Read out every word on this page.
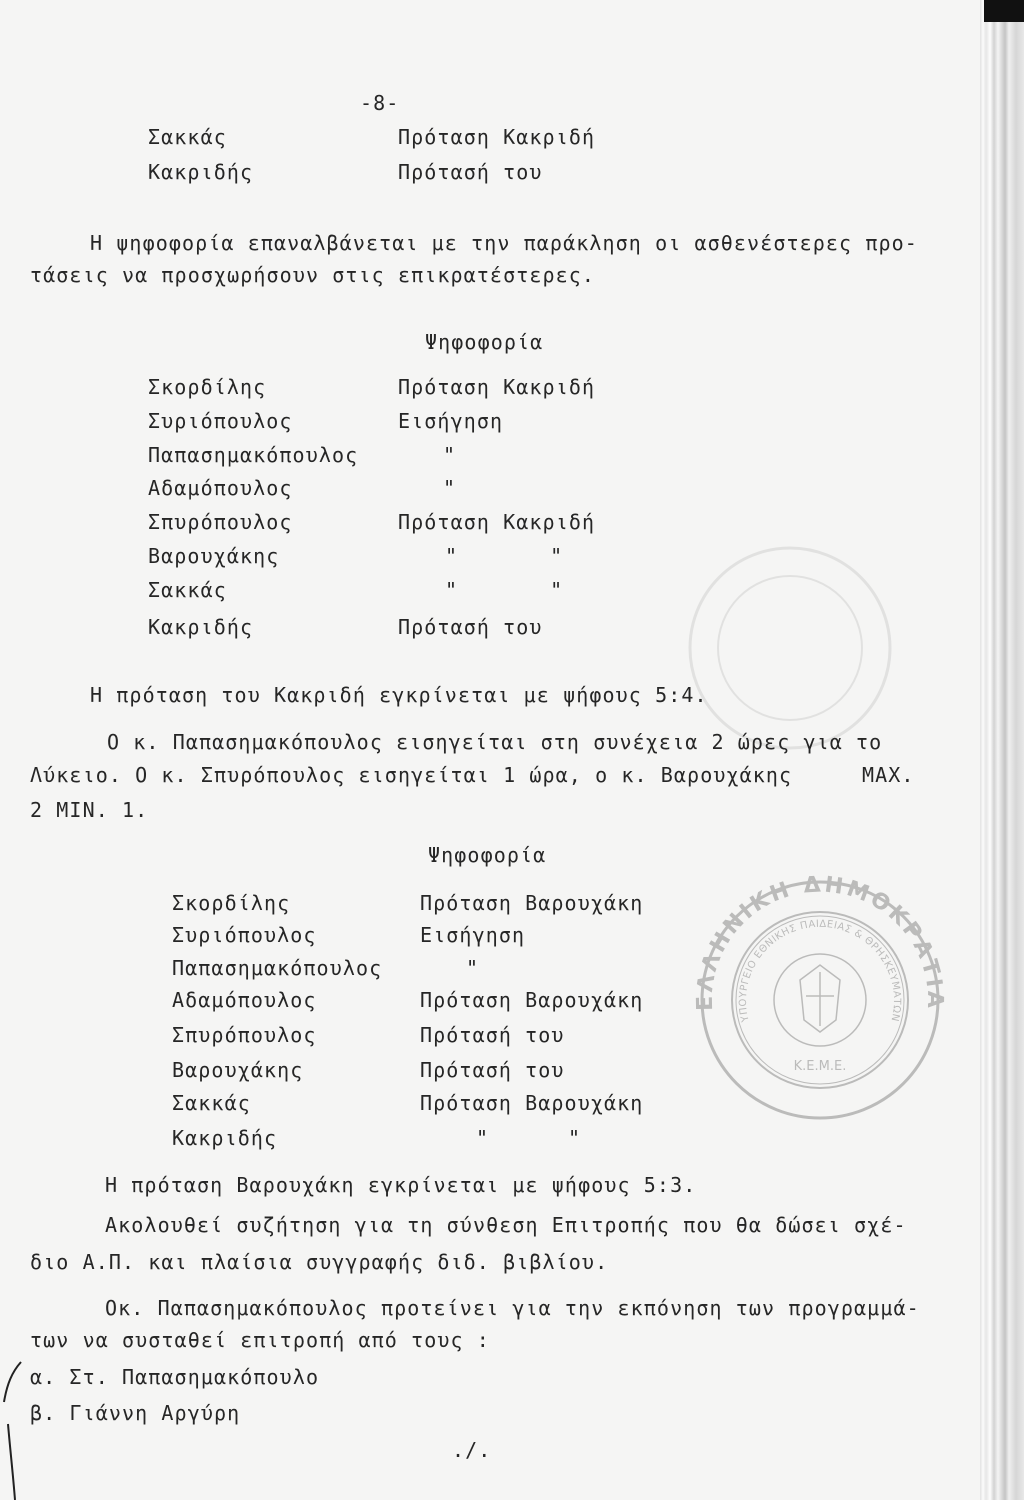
ΕΛΛΗΝΙΚΗ ΔΗΜΟΚΡΑΤΙΑ
ΥΠΟΥΡΓΕΙΟ ΕΘΝΙΚΗΣ ΠΑΙΔΕΙΑΣ & ΘΡΗΣΚΕΥΜΑΤΩΝ
Κ.Ε.Μ.Ε.
-8-
Σακκάς	Πρόταση Κακριδή
Κακριδής	Πρότασή του
Η ψηφοφορία επαναλβάνεται με την παράκληση οι ασθενέστερες προ-
τάσεις να προσχωρήσουν στις επικρατέστερες.
Ψηφοφορία
Σκορδίλης	Πρόταση Κακριδή
Συριόπουλος	Εισήγηση
Παπασημακόπουλος	"
Αδαμόπουλος	"
Σπυρόπουλος	Πρόταση Κακριδή
Βαρουχάκης	"       "
Σακκάς	"       "
Κακριδής	Πρότασή του
Η πρόταση του Κακριδή εγκρίνεται με ψήφους 5:4.
Ο κ. Παπασημακόπουλος εισηγείται στη συνέχεια 2 ώρες για το
Λύκειο. Ο κ. Σπυρόπουλος εισηγείται 1 ώρα, ο κ. Βαρουχάκης	MAX.
2 MIN. 1.
Ψηφοφορία
Σκορδίλης	Πρόταση Βαρουχάκη
Συριόπουλος	Εισήγηση
Παπασημακόπουλος	"
Αδαμόπουλος	Πρόταση Βαρουχάκη
Σπυρόπουλος	Πρότασή του
Βαρουχάκης	Πρότασή του
Σακκάς	Πρόταση Βαρουχάκη
Κακριδής	"      "
Η πρόταση Βαρουχάκη εγκρίνεται με ψήφους 5:3.
Ακολουθεί συζήτηση για τη σύνθεση Επιτροπής που θα δώσει σχέ-
διο Α.Π. και πλαίσια συγγραφής διδ. βιβλίου.
Οκ. Παπασημακόπουλος προτείνει για την εκπόνηση των προγραμμά-
των να συσταθεί επιτροπή από τους :
α. Στ. Παπασημακόπουλο
β. Γιάννη Αργύρη
./.
